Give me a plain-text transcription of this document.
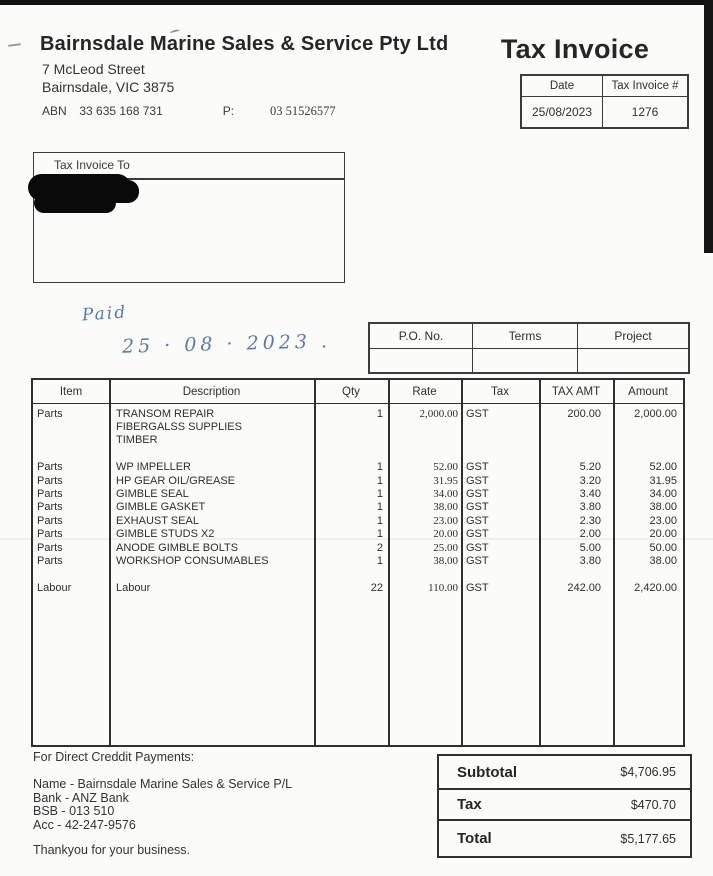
Bairnsdale Marine Sales & Service Pty Ltd
7 McLeod Street
Bairnsdale, VIC 3875
ABN 33 635 168 731	P:	03 51526577
Tax Invoice
Date	Tax Invoice #
25/08/2023	1276
Tax Invoice To
Paid
25 · 08 · 2023 .	P.O. No.	Terms	Project
Item	Description	Qty	Rate	Tax	TAX AMT	Amount
Parts	TRANSOM REPAIR	1	2,000.00 GST	200.00	2,000.00
FIBERGALSS SUPPLIES
TIMBER
Parts	WP IMPELLER	1	52.00 GST	5.20	52.00
Parts	HP GEAR OIL/GREASE	1	31.95 GST	3.20	31.95
Parts	GIMBLE SEAL	1	34.00 GST	3.40	34.00
Parts	GIMBLE GASKET	1	38.00 GST	3.80	38.00
Parts	EXHAUST SEAL	1	23.00 GST	2.30	23.00
Parts	GIMBLE STUDS X2	1	20.00 GST	2.00	20.00
Parts	ANODE GIMBLE BOLTS	2	25.00 GST	5.00	50.00
Parts	WORKSHOP CONSUMABLES	1	38.00 GST	3.80	38.00
Labour	Labour	22	110.00 GST	242.00	2,420.00
For Direct Creddit Payments:
Name - Bairnsdale Marine Sales & Service P/L
Bank - ANZ Bank
BSB - 013 510
Acc - 42-247-9576
Thankyou for your business.
Subtotal	$4,706.95
Tax	$470.70
Total	$5,177.65
